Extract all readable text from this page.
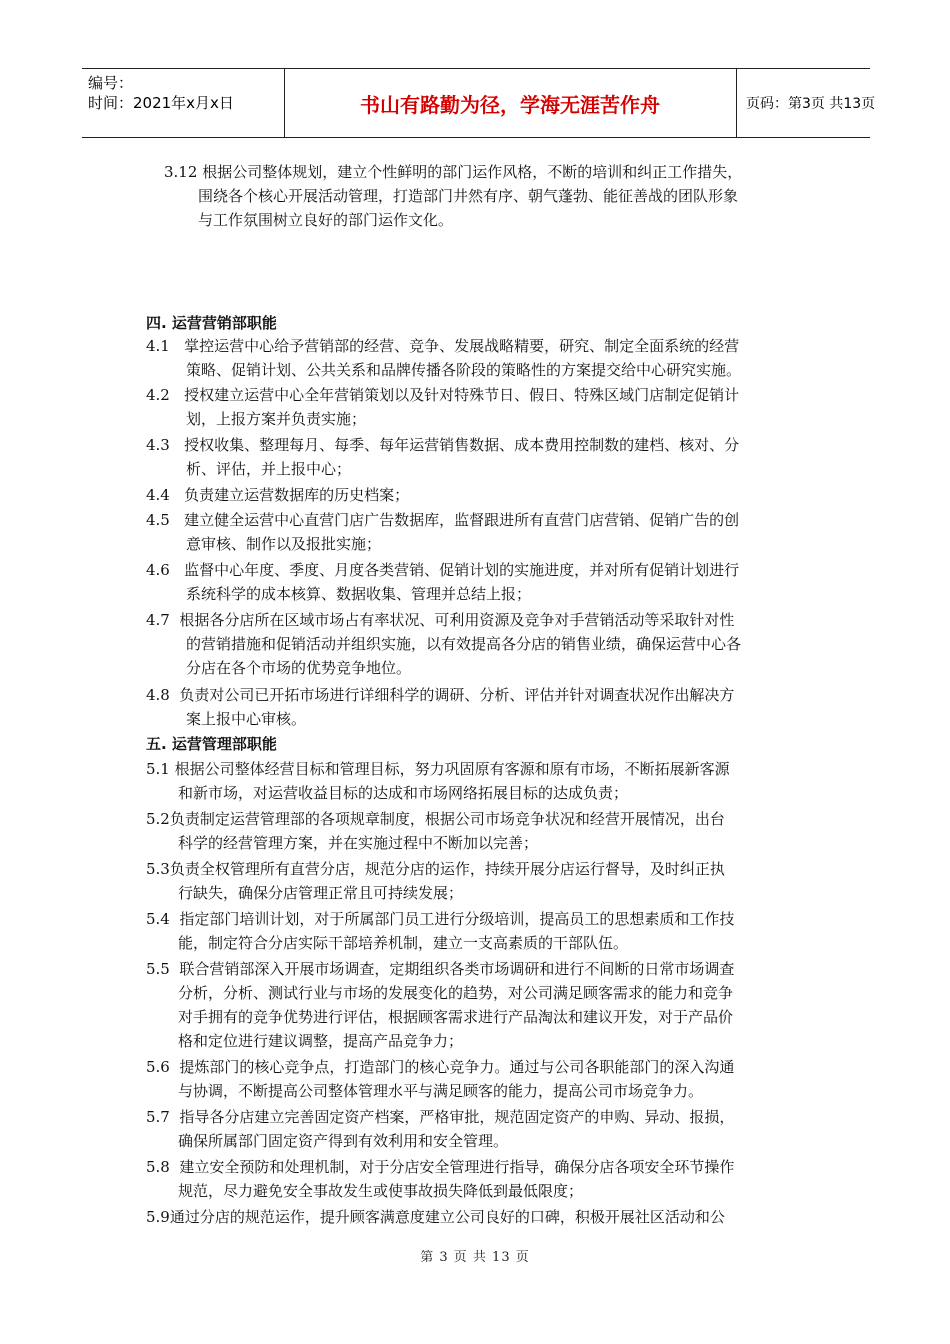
编号：
时间：2021年x月x日	书山有路勤为径，学海无涯苦作舟	页码：第3页 共13页
3.12 根据公司整体规划，建立个性鲜明的部门运作风格，不断的培训和纠正工作措失，
围绕各个核心开展活动管理，打造部门井然有序、朝气蓬勃、能征善战的团队形象
与工作氛围树立良好的部门运作文化。
四. 运营营销部职能
4.1 掌控运营中心给予营销部的经营、竞争、发展战略精要，研究、制定全面系统的经营
策略、促销计划、公共关系和品牌传播各阶段的策略性的方案提交给中心研究实施。
4.2 授权建立运营中心全年营销策划以及针对特殊节日、假日、特殊区域门店制定促销计
划，上报方案并负责实施；
4.3 授权收集、整理每月、每季、每年运营销售数据、成本费用控制数的建档、核对、分
析、评估，并上报中心；
4.4 负责建立运营数据库的历史档案；
4.5 建立健全运营中心直营门店广告数据库，监督跟进所有直营门店营销、促销广告的创
意审核、制作以及报批实施；
4.6 监督中心年度、季度、月度各类营销、促销计划的实施进度，并对所有促销计划进行
系统科学的成本核算、数据收集、管理并总结上报；
4.7 根据各分店所在区域市场占有率状况、可利用资源及竞争对手营销活动等采取针对性
的营销措施和促销活动并组织实施，以有效提高各分店的销售业绩，确保运营中心各
分店在各个市场的优势竞争地位。
4.8 负责对公司已开拓市场进行详细科学的调研、分析、评估并针对调查状况作出解决方
案上报中心审核。
五. 运营管理部职能
5.1 根据公司整体经营目标和管理目标，努力巩固原有客源和原有市场，不断拓展新客源
和新市场，对运营收益目标的达成和市场网络拓展目标的达成负责；
5.2负责制定运营管理部的各项规章制度，根据公司市场竞争状况和经营开展情况，出台
科学的经营管理方案，并在实施过程中不断加以完善；
5.3负责全权管理所有直营分店，规范分店的运作，持续开展分店运行督导，及时纠正执
行缺失，确保分店管理正常且可持续发展；
5.4 指定部门培训计划，对于所属部门员工进行分级培训，提高员工的思想素质和工作技
能，制定符合分店实际干部培养机制，建立一支高素质的干部队伍。
5.5 联合营销部深入开展市场调查，定期组织各类市场调研和进行不间断的日常市场调查
分析，分析、测试行业与市场的发展变化的趋势，对公司满足顾客需求的能力和竞争
对手拥有的竞争优势进行评估，根据顾客需求进行产品淘汰和建议开发，对于产品价
格和定位进行建议调整，提高产品竞争力；
5.6 提炼部门的核心竞争点，打造部门的核心竞争力。通过与公司各职能部门的深入沟通
与协调，不断提高公司整体管理水平与满足顾客的能力，提高公司市场竞争力。
5.7 指导各分店建立完善固定资产档案，严格审批，规范固定资产的申购、异动、报损，
确保所属部门固定资产得到有效利用和安全管理。
5.8 建立安全预防和处理机制，对于分店安全管理进行指导，确保分店各项安全环节操作
规范，尽力避免安全事故发生或使事故损失降低到最低限度；
5.9通过分店的规范运作，提升顾客满意度建立公司良好的口碑，积极开展社区活动和公
第 3 页 共 13 页
